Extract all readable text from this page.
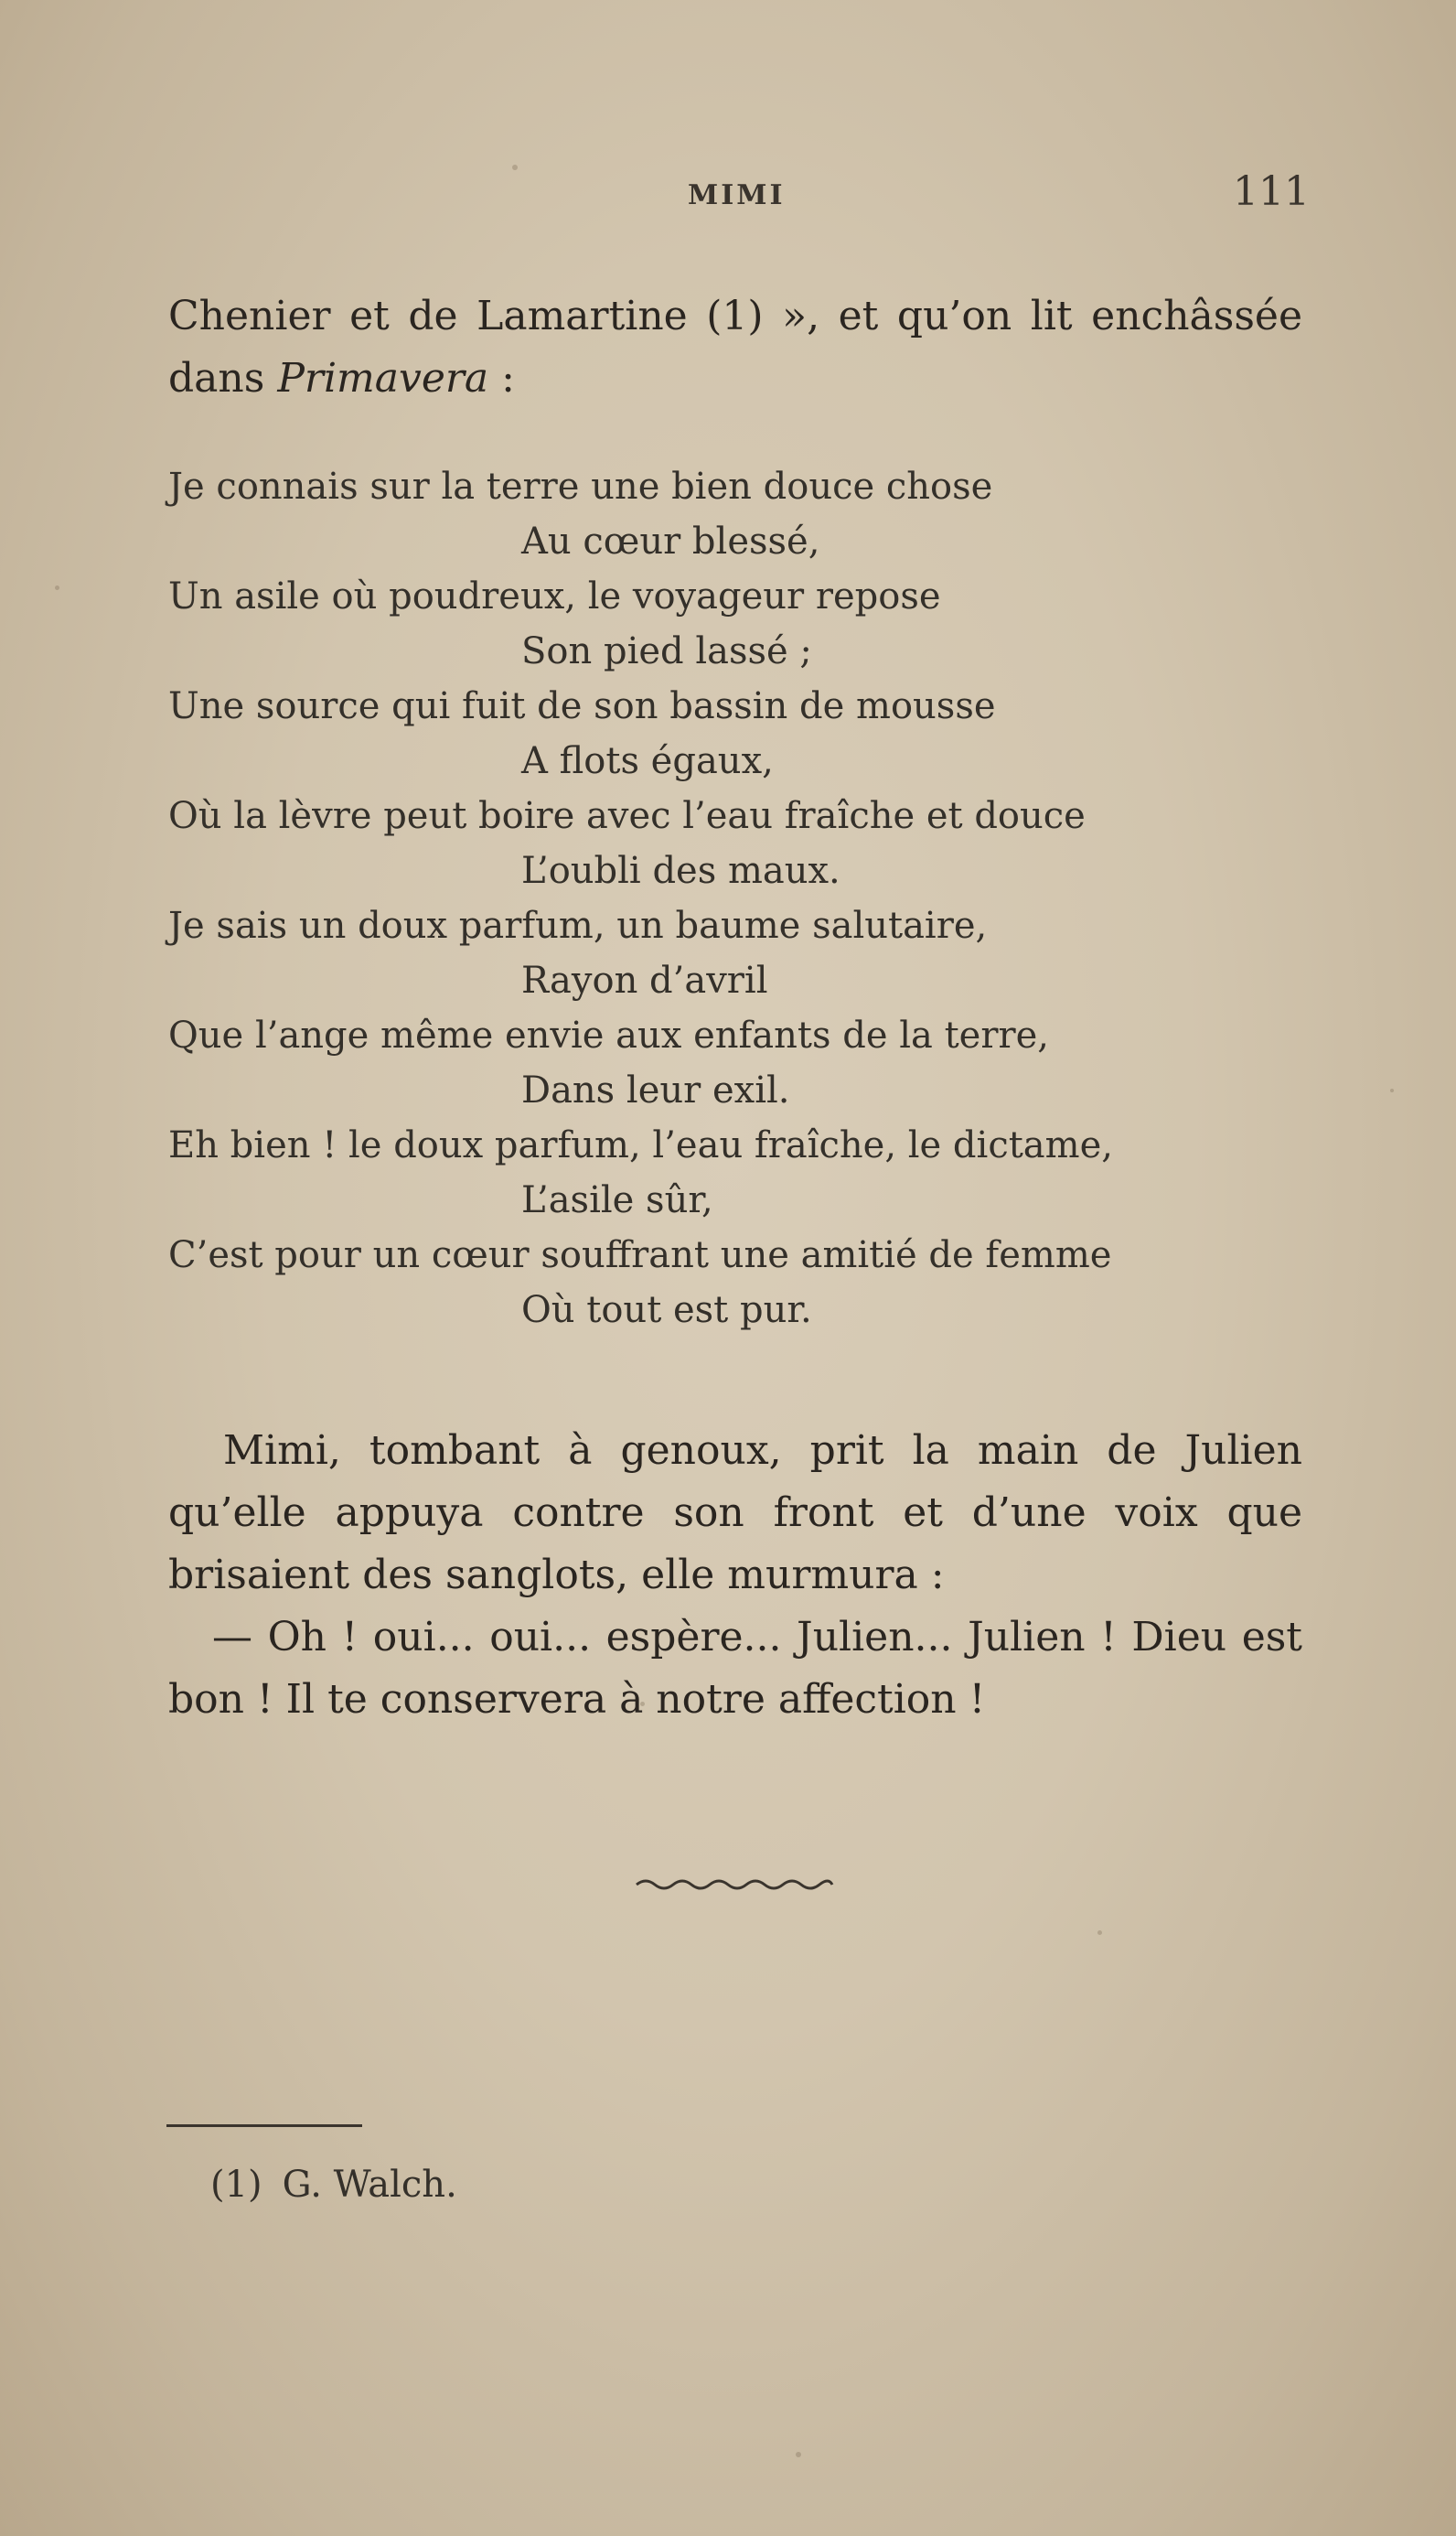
MIMI	111

Chenier et de Lamartine (1) », et qu’on lit enchâssée dans Primavera :

Je connais sur la terre une bien douce chose
Au cœur blessé,
Un asile où poudreux, le voyageur repose
Son pied lassé ;
Une source qui fuit de son bassin de mousse
A flots égaux,
Où la lèvre peut boire avec l’eau fraîche et douce
L’oubli des maux.
Je sais un doux parfum, un baume salutaire,
Rayon d’avril
Que l’ange même envie aux enfants de la terre,
Dans leur exil.
Eh bien ! le doux parfum, l’eau fraîche, le dictame,
L’asile sûr,
C’est pour un cœur souffrant une amitié de femme
Où tout est pur.

Mimi, tombant à genoux, prit la main de Julien qu’elle appuya contre son front et d’une voix que brisaient des sanglots, elle murmura :

— Oh ! oui... oui... espère... Julien... Julien ! Dieu est bon ! Il te conservera à notre affection !

(1) G. Walch.
